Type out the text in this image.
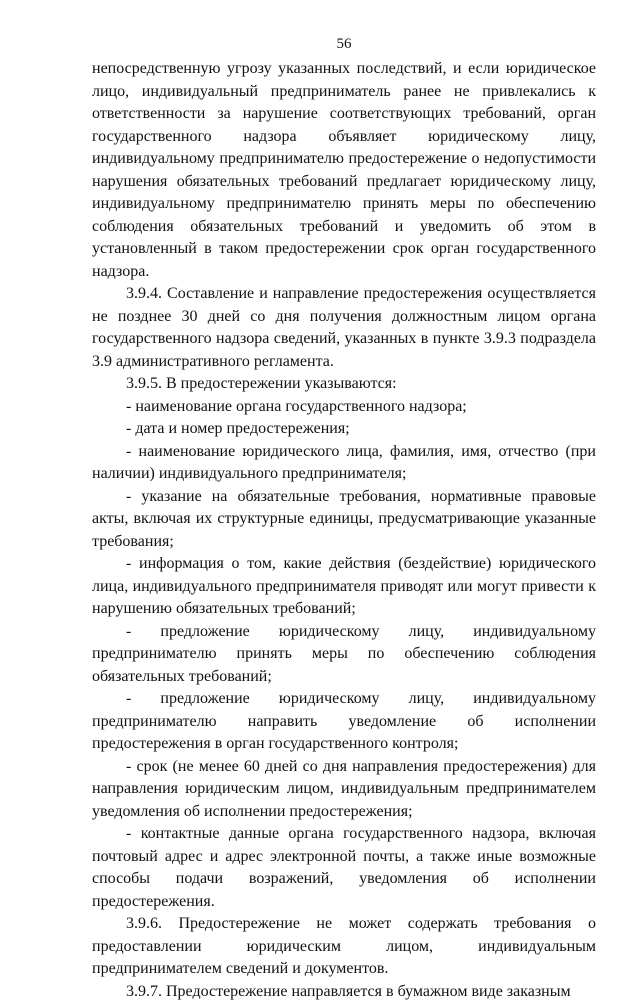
56

непосредственную угрозу указанных последствий, и если юридическое лицо, индивидуальный предприниматель ранее не привлекались к ответственности за нарушение соответствующих требований, орган государственного надзора объявляет юридическому лицу, индивидуальному предпринимателю предостережение о недопустимости нарушения обязательных требований предлагает юридическому лицу, индивидуальному предпринимателю принять меры по обеспечению соблюдения обязательных требований и уведомить об этом в установленный в таком предостережении срок орган государственного надзора.

3.9.4. Составление и направление предостережения осуществляется не позднее 30 дней со дня получения должностным лицом органа государственного надзора сведений, указанных в пункте 3.9.3 подраздела 3.9 административного регламента.

3.9.5. В предостережении указываются:

- наименование органа государственного надзора;

- дата и номер предостережения;

- наименование юридического лица, фамилия, имя, отчество (при наличии) индивидуального предпринимателя;

- указание на обязательные требования, нормативные правовые акты, включая их структурные единицы, предусматривающие указанные требования;

- информация о том, какие действия (бездействие) юридического лица, индивидуального предпринимателя приводят или могут привести к нарушению обязательных требований;

- предложение юридическому лицу, индивидуальному предпринимателю принять меры по обеспечению соблюдения обязательных требований;

- предложение юридическому лицу, индивидуальному предпринимателю направить уведомление об исполнении предостережения в орган государственного контроля;

- срок (не менее 60 дней со дня направления предостережения) для направления юридическим лицом, индивидуальным предпринимателем уведомления об исполнении предостережения;

- контактные данные органа государственного надзора, включая почтовый адрес и адрес электронной почты, а также иные возможные способы подачи возражений, уведомления об исполнении предостережения.

3.9.6. Предостережение не может содержать требования о предоставлении юридическим лицом, индивидуальным предпринимателем сведений и документов.

3.9.7. Предостережение направляется в бумажном виде заказным
